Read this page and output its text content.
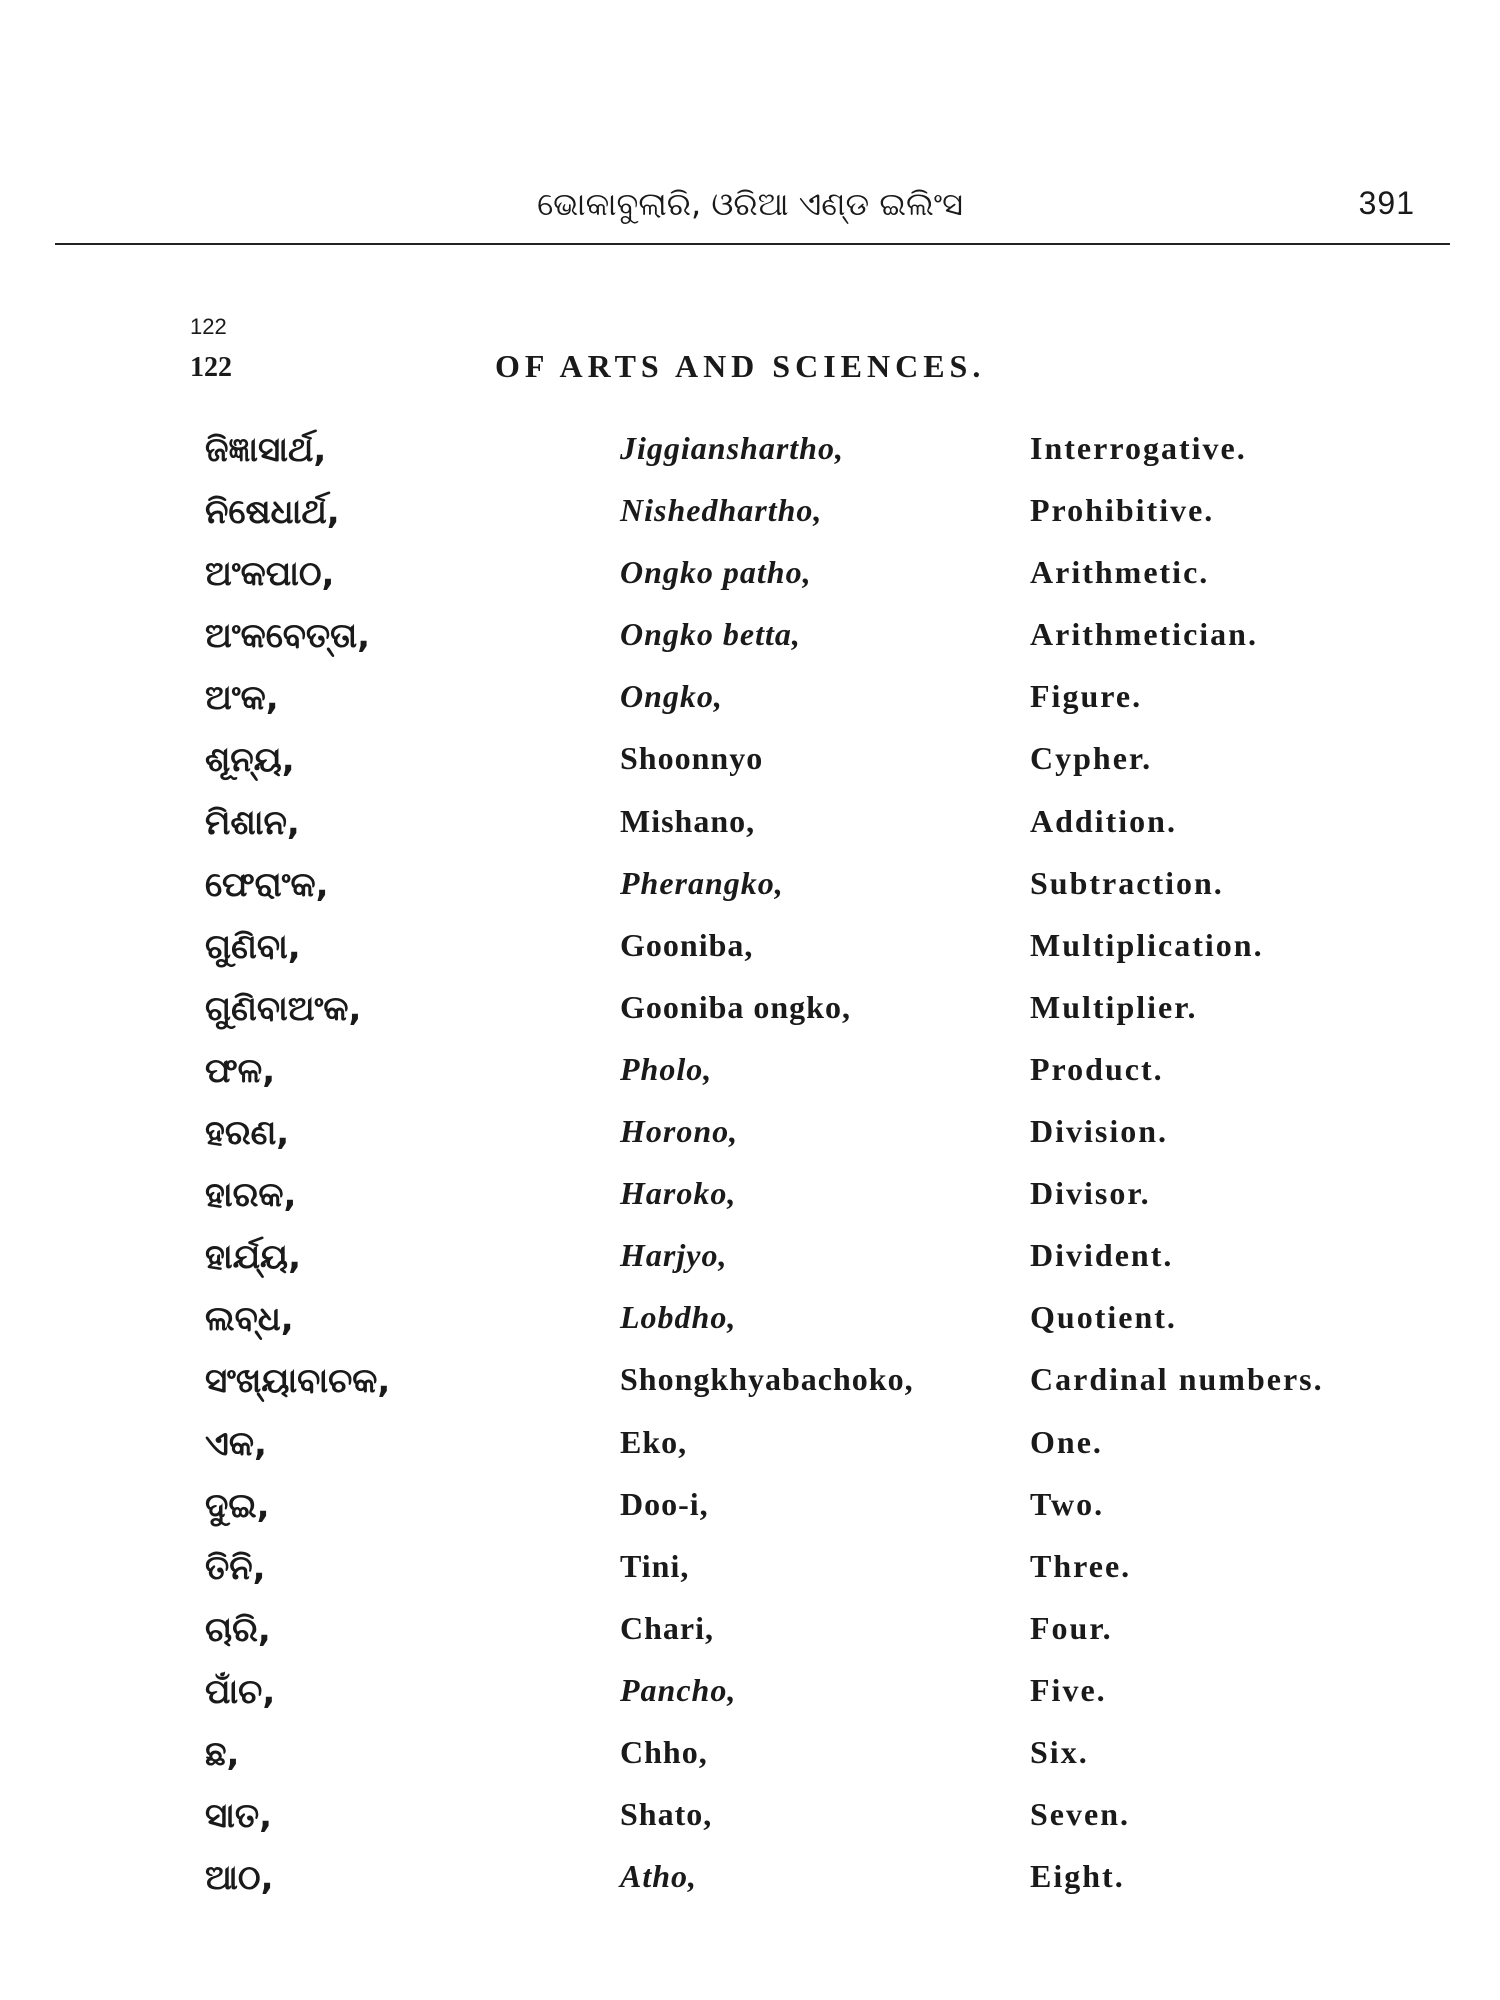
ଭୋକାବୁଲାରି, ଓରିଆ ଏଣ୍ଡ ଇଲିଂସ	391
122
122	OF ARTS AND SCIENCES.
ଜିଜ୍ଞାସାର୍ଥ,	Jiggianshartho,	Interrogative.
ନିଷେଧାର୍ଥ,	Nishedhartho,	Prohibitive.
ଅଂକପାଠ,	Ongko patho,	Arithmetic.
ଅଂକବେତ୍ତା,	Ongko betta,	Arithmetician.
ଅଂକ,	Ongko,	Figure.
ଶୂନ୍ୟ,	Shoonnyo	Cypher.
ମିଶାନ,	Mishano,	Addition.
ଫେରାଂକ,	Pherangko,	Subtraction.
ଗୁଣିବା,	Gooniba,	Multiplication.
ଗୁଣିବାଅଂକ,	Gooniba ongko,	Multiplier.
ଫଳ,	Pholo,	Product.
ହରଣ,	Horono,	Division.
ହାରକ,	Haroko,	Divisor.
ହାର୍ଯ୍ୟ,	Harjyo,	Divident.
ଲବ୍ଧ,	Lobdho,	Quotient.
ସଂଖ୍ୟାବାଚକ,	Shongkhyabachoko,	Cardinal numbers.
ଏକ,	Eko,	One.
ଦୁଇ,	Doo-i,	Two.
ତିନି,	Tini,	Three.
ଚାରି,	Chari,	Four.
ପାଁଚ,	Pancho,	Five.
ଛ,	Chho,	Six.
ସାତ,	Shato,	Seven.
ଆଠ,	Atho,	Eight.
